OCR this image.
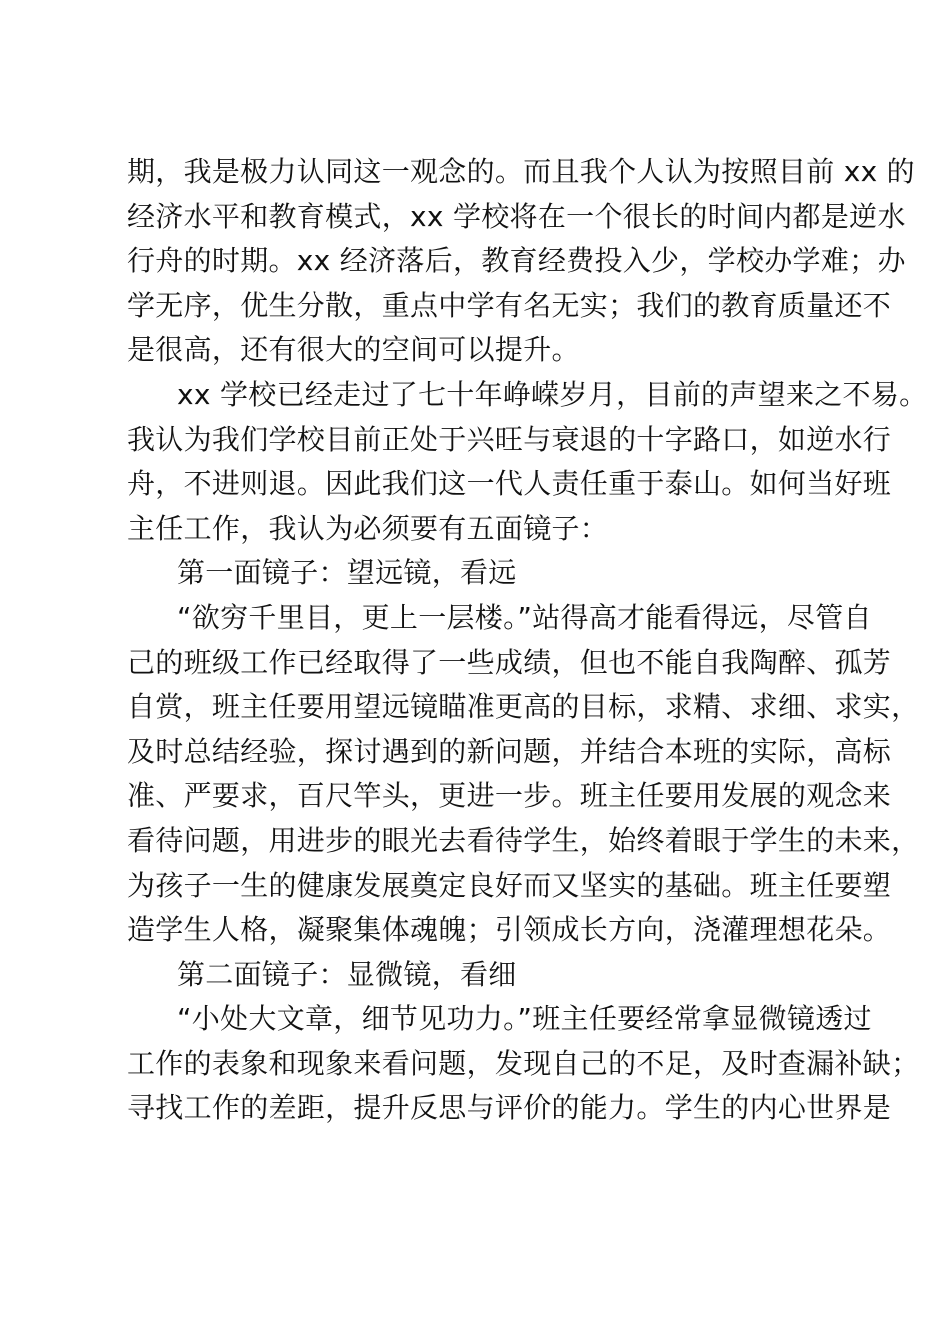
期，我是极力认同这一观念的。而且我个人认为按照目前 xx 的
经济水平和教育模式，xx 学校将在一个很长的时间内都是逆水
行舟的时期。xx 经济落后，教育经费投入少，学校办学难；办
学无序，优生分散，重点中学有名无实；我们的教育质量还不
是很高，还有很大的空间可以提升。
xx 学校已经走过了七十年峥嵘岁月，目前的声望来之不易。
我认为我们学校目前正处于兴旺与衰退的十字路口，如逆水行
舟，不进则退。因此我们这一代人责任重于泰山。如何当好班
主任工作，我认为必须要有五面镜子：
第一面镜子：望远镜，看远
“欲穷千里目，更上一层楼。”站得高才能看得远，尽管自
己的班级工作已经取得了一些成绩，但也不能自我陶醉、孤芳
自赏，班主任要用望远镜瞄准更高的目标，求精、求细、求实，
及时总结经验，探讨遇到的新问题，并结合本班的实际，高标
准、严要求，百尺竿头，更进一步。班主任要用发展的观念来
看待问题，用进步的眼光去看待学生，始终着眼于学生的未来，
为孩子一生的健康发展奠定良好而又坚实的基础。班主任要塑
造学生人格，凝聚集体魂魄；引领成长方向，浇灌理想花朵。
第二面镜子：显微镜，看细
“小处大文章，细节见功力。”班主任要经常拿显微镜透过
工作的表象和现象来看问题，发现自己的不足，及时查漏补缺；
寻找工作的差距，提升反思与评价的能力。学生的内心世界是
